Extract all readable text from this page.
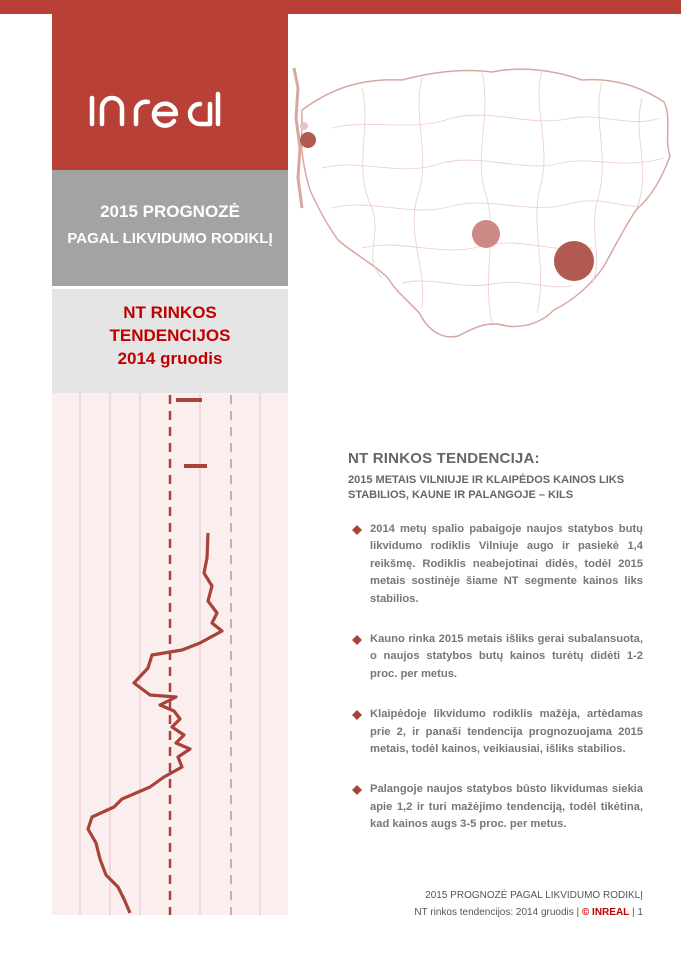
in real
2015 PROGNOZĖ
PAGAL LIKVIDUMO RODIKLĮ
NT RINKOS
TENDENCIJOS
2014 gruodis
NT RINKOS TENDENCIJA:
2015 METAIS VILNIUJE IR KLAIPĖDOS KAINOS LIKS STABILIOS, KAUNE IR PALANGOJE – KILS
2014 metų spalio pabaigoje naujos statybos butų likvidumo rodiklis Vilniuje augo ir pasiekė 1,4 reikšmę. Rodiklis neabejotinai didės, todėl 2015 metais sostinėje šiame NT segmente kainos liks stabilios.
Kauno rinka 2015 metais išliks gerai subalansuota, o naujos statybos butų kainos turėtų didėti 1-2 proc. per metus.
Klaipėdoje likvidumo rodiklis mažėja, artėdamas prie 2, ir panaši tendencija prognozuojama 2015 metais, todėl kainos, veikiausiai, išliks stabilios.
Palangoje naujos statybos būsto likvidumas siekia apie 1,2 ir turi mažėjimo tendenciją, todėl tikėtina, kad kainos augs 3-5 proc. per metus.
2015 PROGNOZĖ PAGAL LIKVIDUMO RODIKLĮ
NT rinkos tendencijos: 2014 gruodis | © INREAL | 1
